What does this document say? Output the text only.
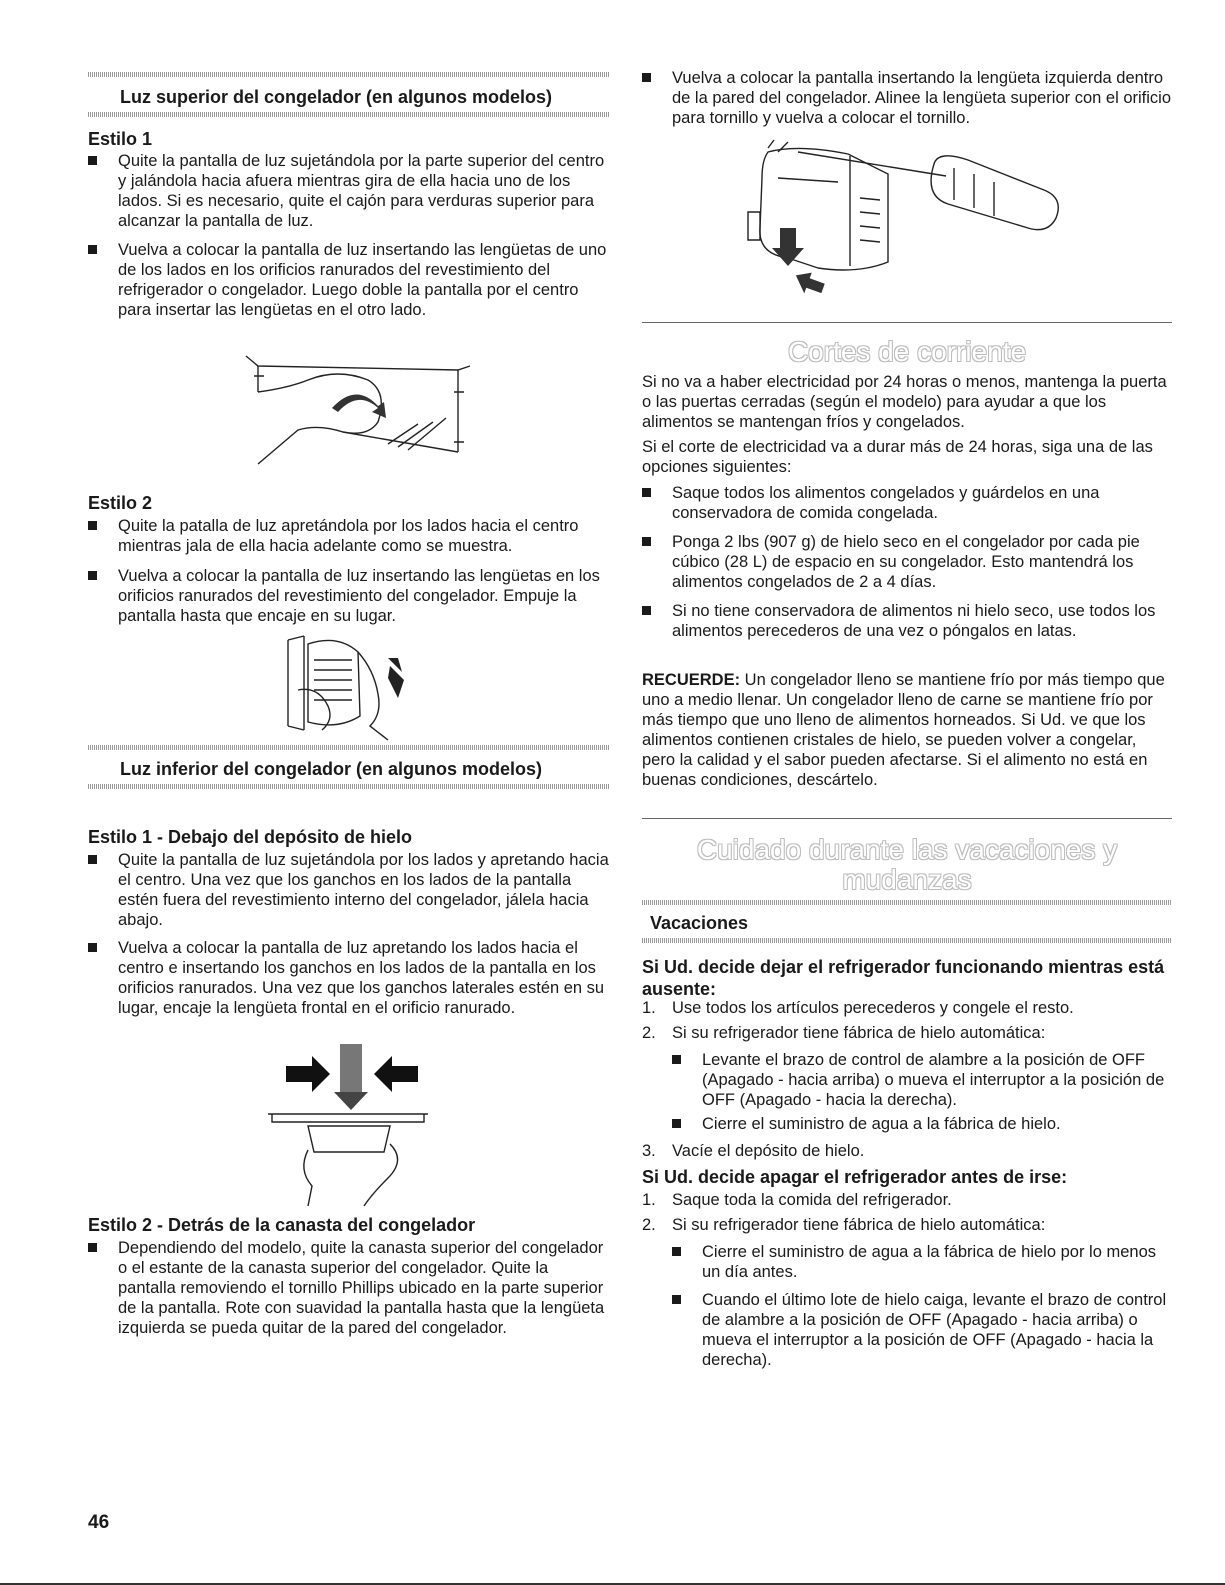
Luz superior del congelador (en algunos modelos)
Estilo 1

Quite la pantalla de luz sujetándola por la parte superior del centro y jalándola hacia afuera mientras gira de ella hacia uno de los lados. Si es necesario, quite el cajón para verduras superior para alcanzar la pantalla de luz.

Vuelva a colocar la pantalla de luz insertando las lengüetas de uno de los lados en los orificios ranurados del revestimiento del refrigerador o congelador. Luego doble la pantalla por el centro para insertar las lengüetas en el otro lado.

Estilo 2

Quite la patalla de luz apretándola por los lados hacia el centro mientras jala de ella hacia adelante como se muestra.

Vuelva a colocar la pantalla de luz insertando las lengüetas en los orificios ranurados del revestimiento del congelador. Empuje la pantalla hasta que encaje en su lugar.

Luz inferior del congelador (en algunos modelos)
Estilo 1 - Debajo del depósito de hielo

Quite la pantalla de luz sujetándola por los lados y apretando hacia el centro. Una vez que los ganchos en los lados de la pantalla estén fuera del revestimiento interno del congelador, jálela hacia abajo.

Vuelva a colocar la pantalla de luz apretando los lados hacia el centro e insertando los ganchos en los lados de la pantalla en los orificios ranurados. Una vez que los ganchos laterales estén en su lugar, encaje la lengüeta frontal en el orificio ranurado.

Estilo 2 - Detrás de la canasta del congelador

Dependiendo del modelo, quite la canasta superior del congelador o el estante de la canasta superior del congelador. Quite la pantalla removiendo el tornillo Phillips ubicado en la parte superior de la pantalla. Rote con suavidad la pantalla hasta que la lengüeta izquierda se pueda quitar de la pared del congelador.

Vuelva a colocar la pantalla insertando la lengüeta izquierda dentro de la pared del congelador. Alinee la lengüeta superior con el orificio para tornillo y vuelva a colocar el tornillo.

Cortes de corriente

Si no va a haber electricidad por 24 horas o menos, mantenga la puerta o las puertas cerradas (según el modelo) para ayudar a que los alimentos se mantengan fríos y congelados.

Si el corte de electricidad va a durar más de 24 horas, siga una de las opciones siguientes:

Saque todos los alimentos congelados y guárdelos en una conservadora de comida congelada.

Ponga 2 lbs (907 g) de hielo seco en el congelador por cada pie cúbico (28 L) de espacio en su congelador. Esto mantendrá los alimentos congelados de 2 a 4 días.

Si no tiene conservadora de alimentos ni hielo seco, use todos los alimentos perecederos de una vez o póngalos en latas.

RECUERDE: Un congelador lleno se mantiene frío por más tiempo que uno a medio llenar. Un congelador lleno de carne se mantiene frío por más tiempo que uno lleno de alimentos horneados. Si Ud. ve que los alimentos contienen cristales de hielo, se pueden volver a congelar, pero la calidad y el sabor pueden afectarse. Si el alimento no está en buenas condiciones, descártelo.

Cuidado durante las vacaciones y
mudanzas
Vacaciones

Si Ud. decide dejar el refrigerador funcionando mientras está ausente:

1. Use todos los artículos perecederos y congele el resto.

2. Si su refrigerador tiene fábrica de hielo automática:

Levante el brazo de control de alambre a la posición de OFF (Apagado - hacia arriba) o mueva el interruptor a la posición de OFF (Apagado - hacia la derecha).

Cierre el suministro de agua a la fábrica de hielo.

3. Vacíe el depósito de hielo.

Si Ud. decide apagar el refrigerador antes de irse:

1. Saque toda la comida del refrigerador.

2. Si su refrigerador tiene fábrica de hielo automática:

Cierre el suministro de agua a la fábrica de hielo por lo menos un día antes.

Cuando el último lote de hielo caiga, levante el brazo de control de alambre a la posición de OFF (Apagado - hacia arriba) o mueva el interruptor a la posición de OFF (Apagado - hacia la derecha).

46
